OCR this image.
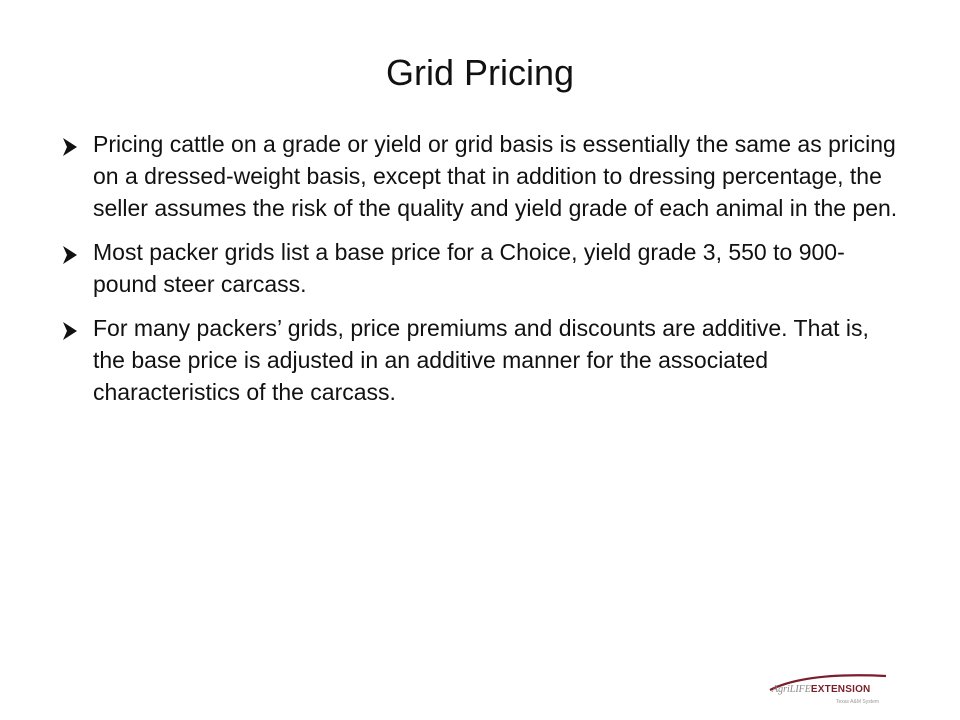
Grid Pricing
Pricing cattle on a grade or yield or grid basis is essentially the same as pricing on a dressed-weight basis, except that in addition to dressing percentage, the seller assumes the risk of the quality and yield grade of each animal in the pen.
Most packer grids list a base price for a Choice, yield grade 3, 550 to 900-pound steer carcass.
For many packers’ grids, price premiums and discounts are additive. That is, the base price is adjusted in an additive manner for the associated characteristics of the carcass.
AgriLIFEEXTENSION
Texas A&M System
